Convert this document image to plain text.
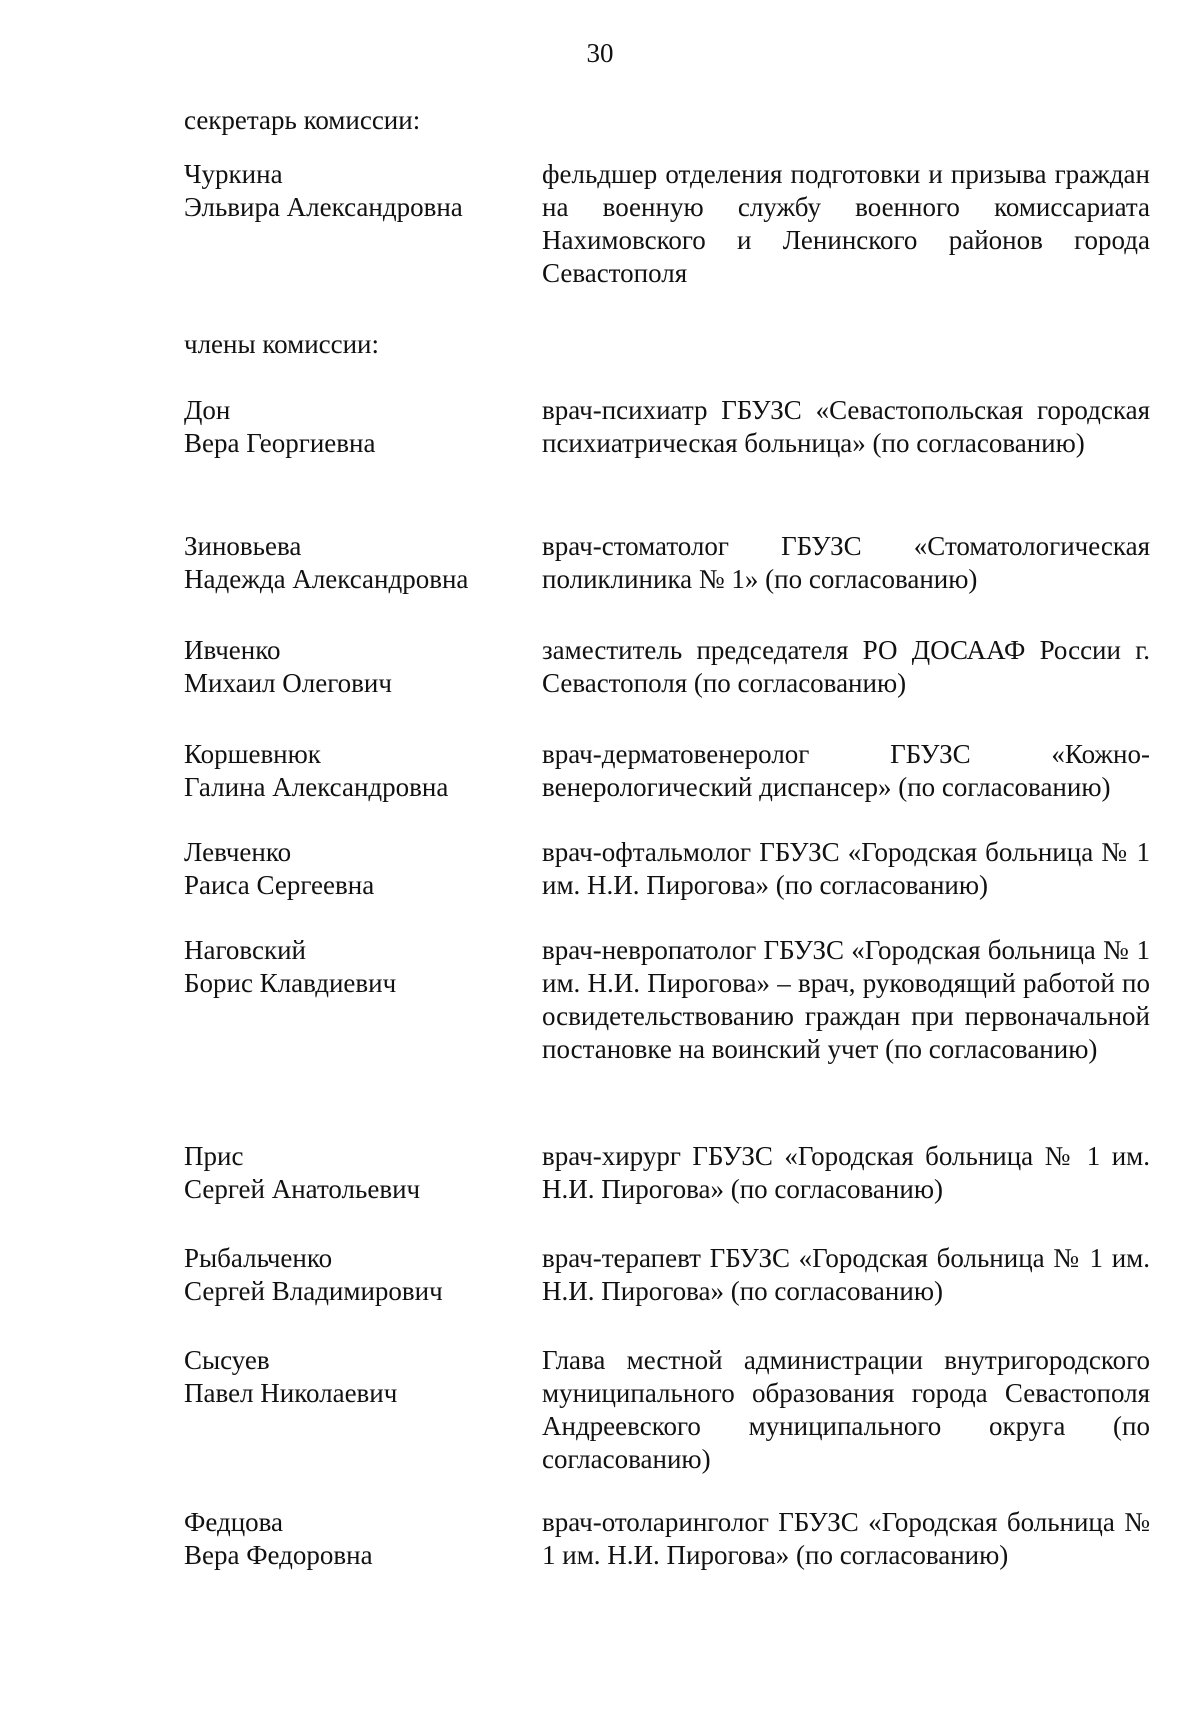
30
секретарь комиссии:
Чуркина
Эльвира Александровна
фельдшер отделения подготовки и призыва граждан на военную службу военного комиссариата Нахимовского и Ленинского районов города Севастополя
члены комиссии:
Дон
Вера Георгиевна
врач-психиатр ГБУЗС «Севастопольская городская психиатрическая больница» (по согласованию)
Зиновьева
Надежда Александровна
врач-стоматолог ГБУЗС «Стоматологическая поликлиника № 1» (по согласованию)
Ивченко
Михаил Олегович
заместитель председателя РО ДОСААФ России г. Севастополя (по согласованию)
Коршевнюк
Галина Александровна
врач-дерматовенеролог ГБУЗС «Кожно-венерологический диспансер» (по согласованию)
Левченко
Раиса Сергеевна
врач-офтальмолог ГБУЗС «Городская больница № 1 им. Н.И. Пирогова» (по согласованию)
Наговский
Борис Клавдиевич
врач-невропатолог ГБУЗС «Городская больница № 1 им. Н.И. Пирогова» – врач, руководящий работой по освидетельствованию граждан при первоначальной постановке на воинский учет (по согласованию)
Прис
Сергей Анатольевич
врач-хирург ГБУЗС «Городская больница № 1 им. Н.И. Пирогова» (по согласованию)
Рыбальченко
Сергей Владимирович
врач-терапевт ГБУЗС «Городская больница № 1 им. Н.И. Пирогова» (по согласованию)
Сысуев
Павел Николаевич
Глава местной администрации внутригородского муниципального образования города Севастополя Андреевского муниципального округа (по согласованию)
Федцова
Вера Федоровна
врач-отоларинголог ГБУЗС «Городская больница № 1 им. Н.И. Пирогова» (по согласованию)
